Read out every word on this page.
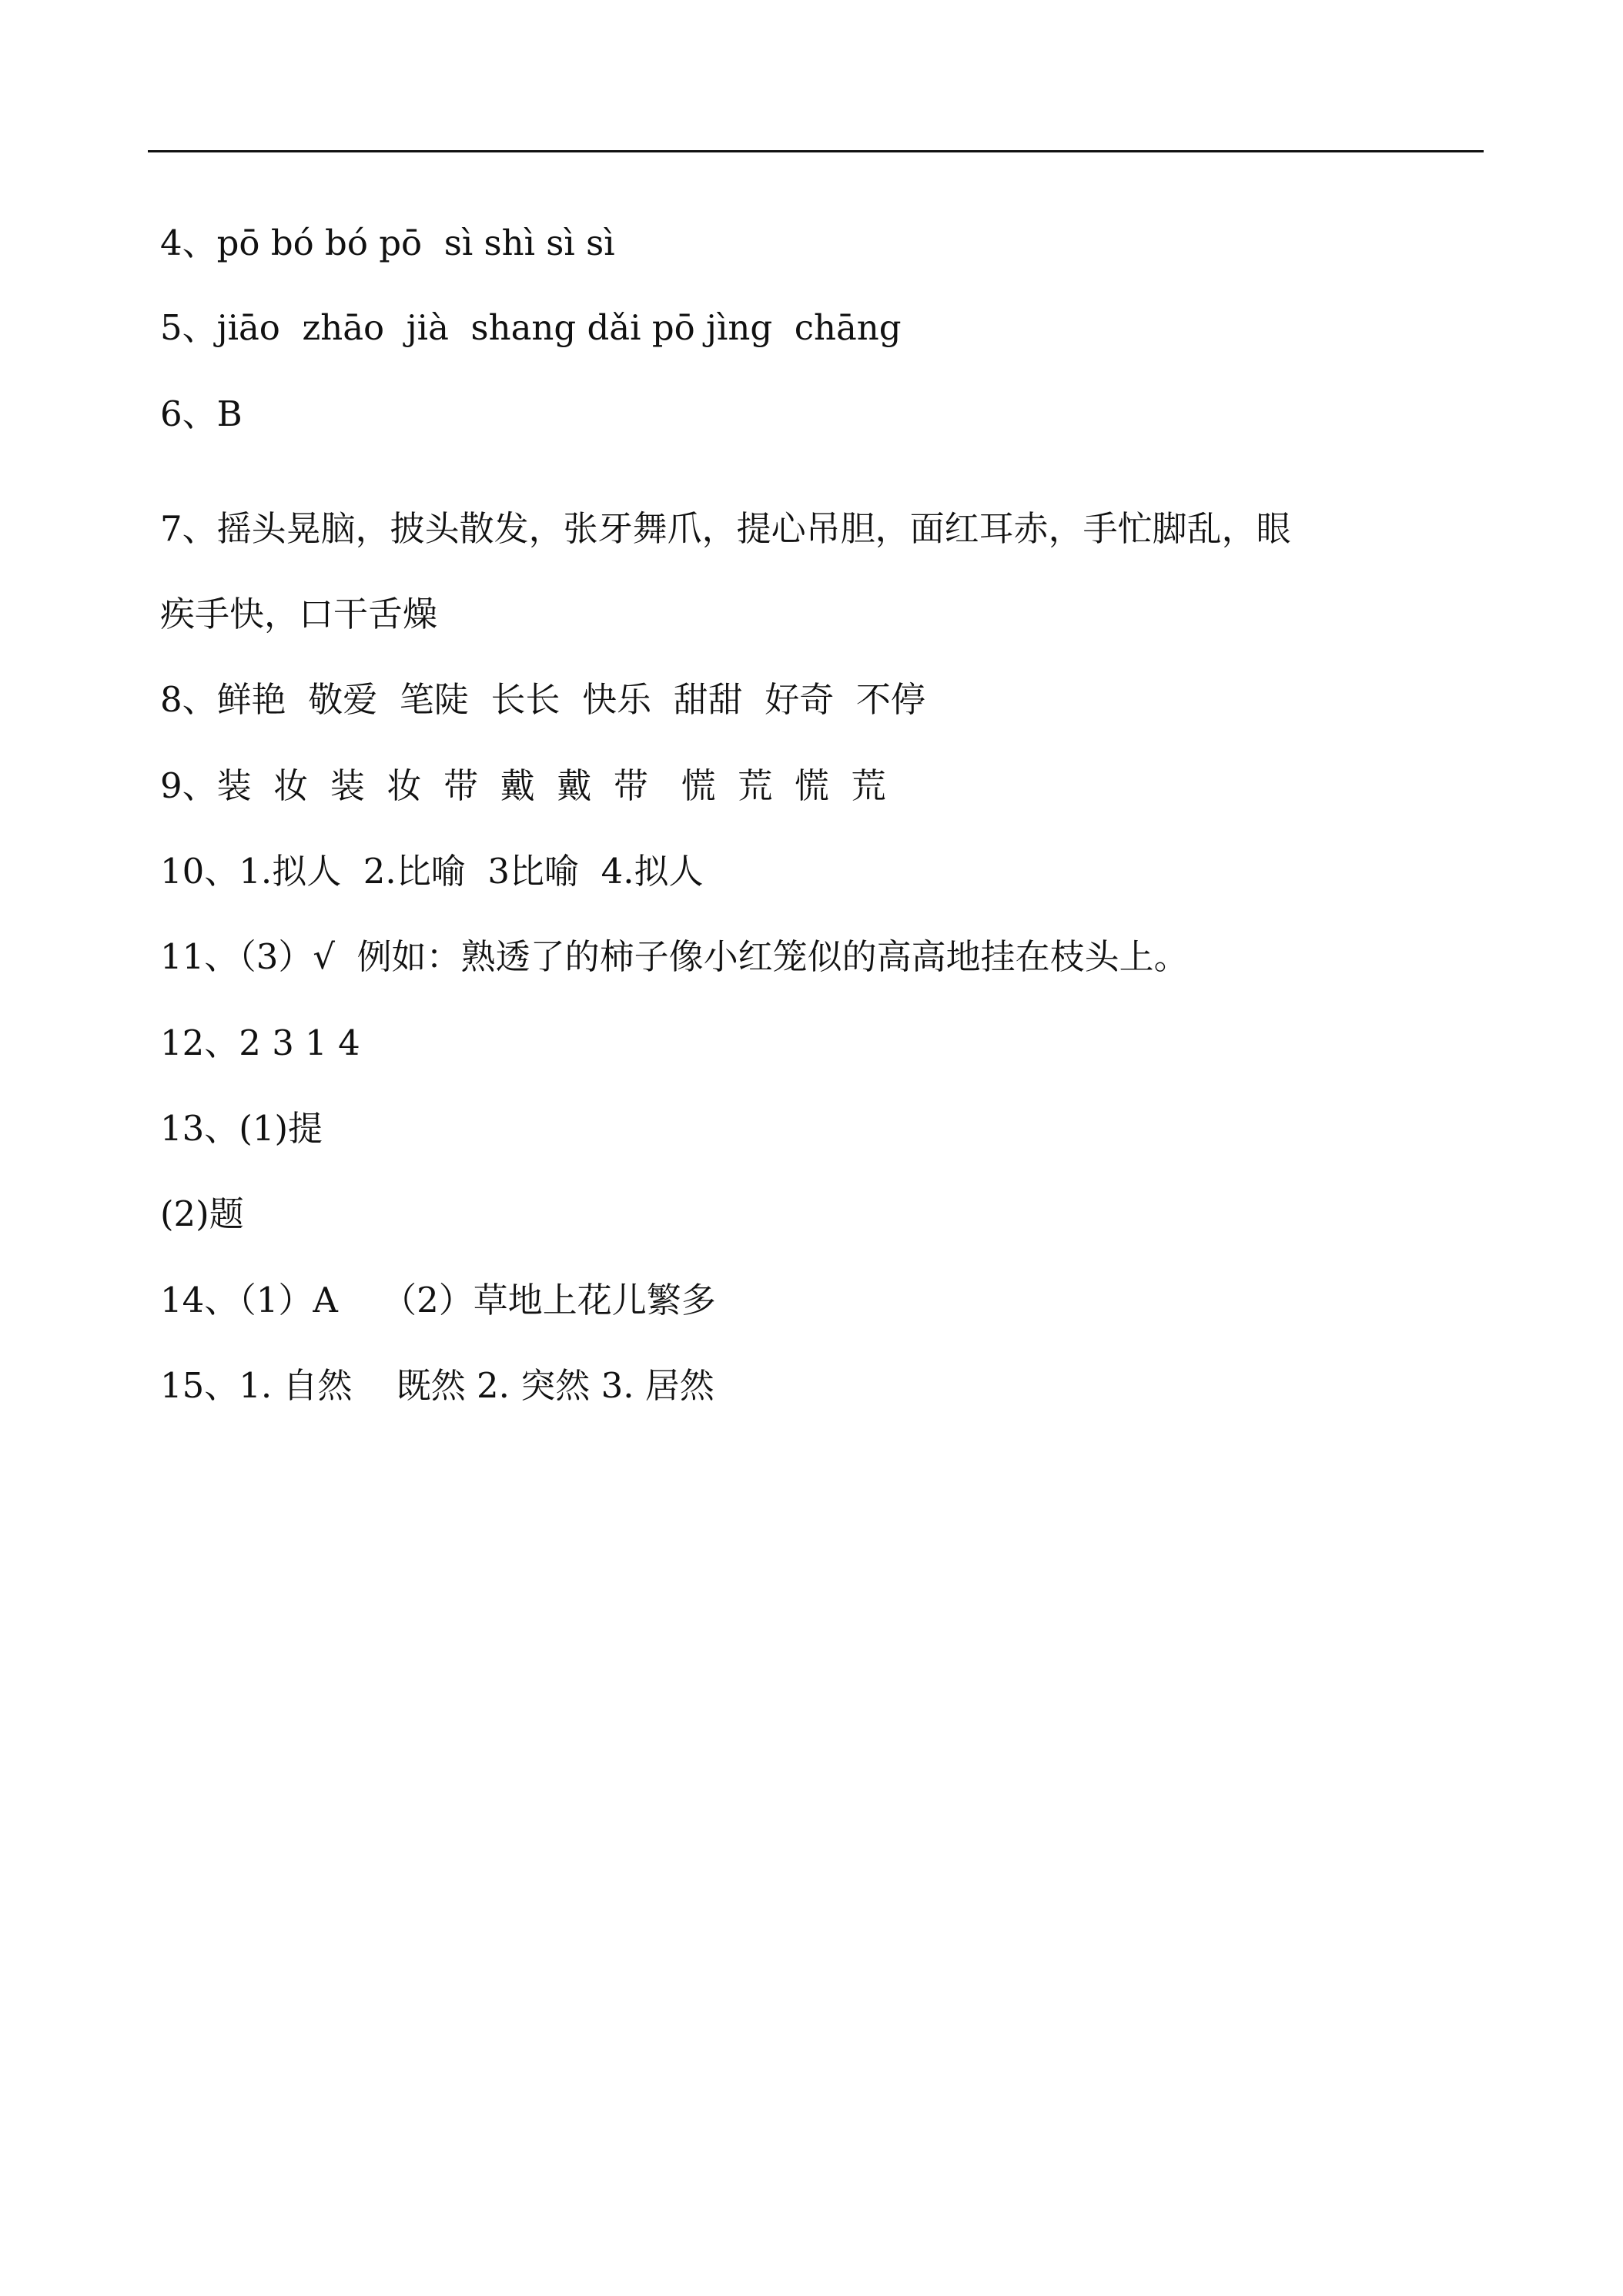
4、pō bó bó pō  sì shì sì sì
5、jiāo  zhāo  jià  shang dǎi pō jìng  chāng
6、B
7、摇头晃脑，披头散发，张牙舞爪，提心吊胆，面红耳赤，手忙脚乱，眼
疾手快，口干舌燥
8、鲜艳  敬爱  笔陡  长长  快乐  甜甜  好奇  不停
9、装  妆  装  妆  带  戴  戴  带   慌  荒  慌  荒
10、1.拟人  2.比喻  3比喻  4.拟人
11、（3）√  例如：熟透了的柿子像小红笼似的高高地挂在枝头上。
12、2 3 1 4
13、(1)提
(2)题
14、（1）A    （2）草地上花儿繁多
15、1. 自然    既然 2. 突然 3. 居然
